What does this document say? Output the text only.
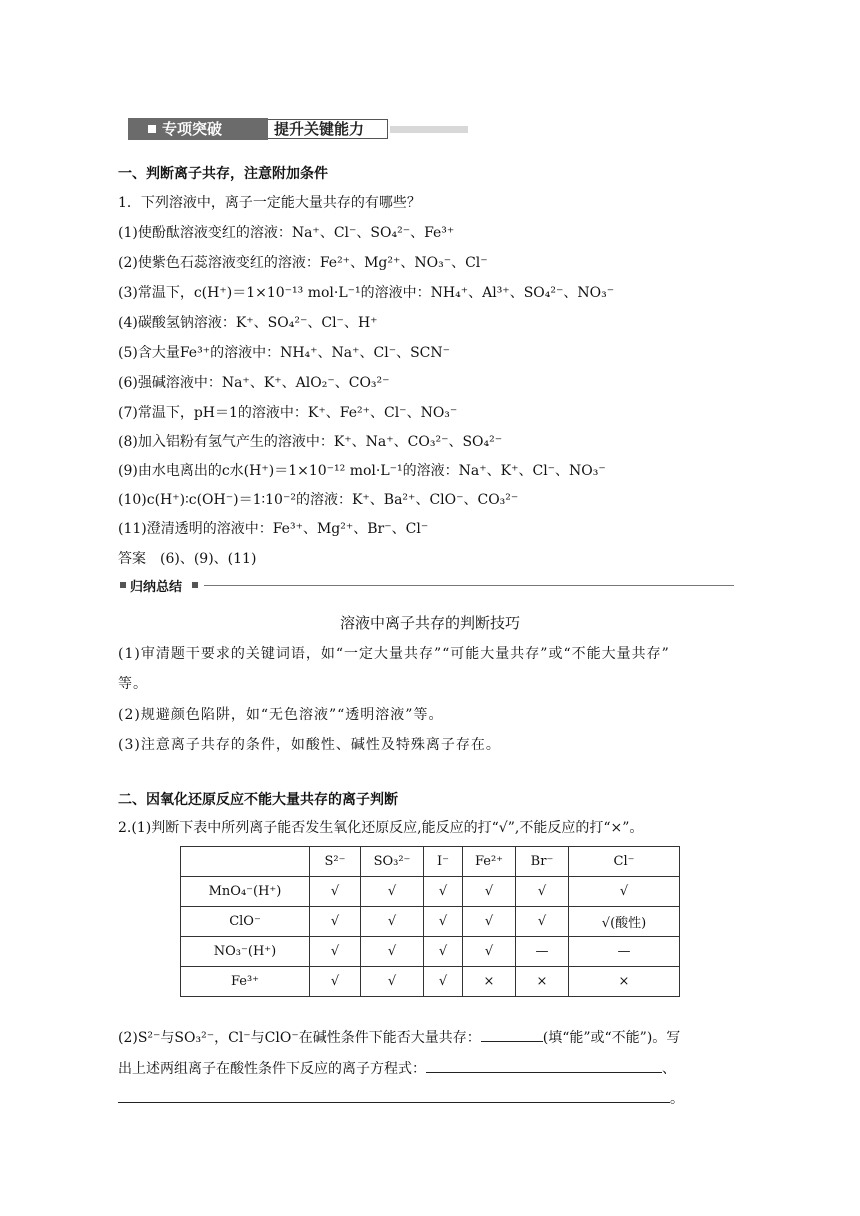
专项突破	提升关键能力
一、判断离子共存，注意附加条件
1．下列溶液中，离子一定能大量共存的有哪些？
(1)使酚酞溶液变红的溶液：Na⁺、Cl⁻、SO₄²⁻、Fe³⁺
(2)使紫色石蕊溶液变红的溶液：Fe²⁺、Mg²⁺、NO₃⁻、Cl⁻
(3)常温下，c(H⁺)＝1×10⁻¹³ mol·L⁻¹的溶液中：NH₄⁺、Al³⁺、SO₄²⁻、NO₃⁻
(4)碳酸氢钠溶液：K⁺、SO₄²⁻、Cl⁻、H⁺
(5)含大量Fe³⁺的溶液中：NH₄⁺、Na⁺、Cl⁻、SCN⁻
(6)强碱溶液中：Na⁺、K⁺、AlO₂⁻、CO₃²⁻
(7)常温下，pH＝1的溶液中：K⁺、Fe²⁺、Cl⁻、NO₃⁻
(8)加入铝粉有氢气产生的溶液中：K⁺、Na⁺、CO₃²⁻、SO₄²⁻
(9)由水电离出的c水(H⁺)＝1×10⁻¹² mol·L⁻¹的溶液：Na⁺、K⁺、Cl⁻、NO₃⁻
(10)c(H⁺)∶c(OH⁻)＝1∶10⁻²的溶液：K⁺、Ba²⁺、ClO⁻、CO₃²⁻
(11)澄清透明的溶液中：Fe³⁺、Mg²⁺、Br⁻、Cl⁻
答案　(6)、(9)、(11)
归纳总结
溶液中离子共存的判断技巧
(1)审清题干要求的关键词语，如“一定大量共存”“可能大量共存”或“不能大量共存”
等。
(2)规避颜色陷阱，如“无色溶液”“透明溶液”等。
(3)注意离子共存的条件，如酸性、碱性及特殊离子存在。
二、因氧化还原反应不能大量共存的离子判断
2.(1)判断下表中所列离子能否发生氧化还原反应,能反应的打“√”,不能反应的打“×”。
	S²⁻	SO₃²⁻	I⁻	Fe²⁺	Br⁻	Cl⁻
MnO₄⁻(H⁺)	√	√	√	√	√	√
ClO⁻	√	√	√	√	√	√(酸性)
NO₃⁻(H⁺)	√	√	√	√	—	—
Fe³⁺	√	√	√	×	×	×
(2)S²⁻与SO₃²⁻，Cl⁻与ClO⁻在碱性条件下能否大量共存：	(填“能”或“不能”)。写
出上述两组离子在酸性条件下反应的离子方程式：	、
。
